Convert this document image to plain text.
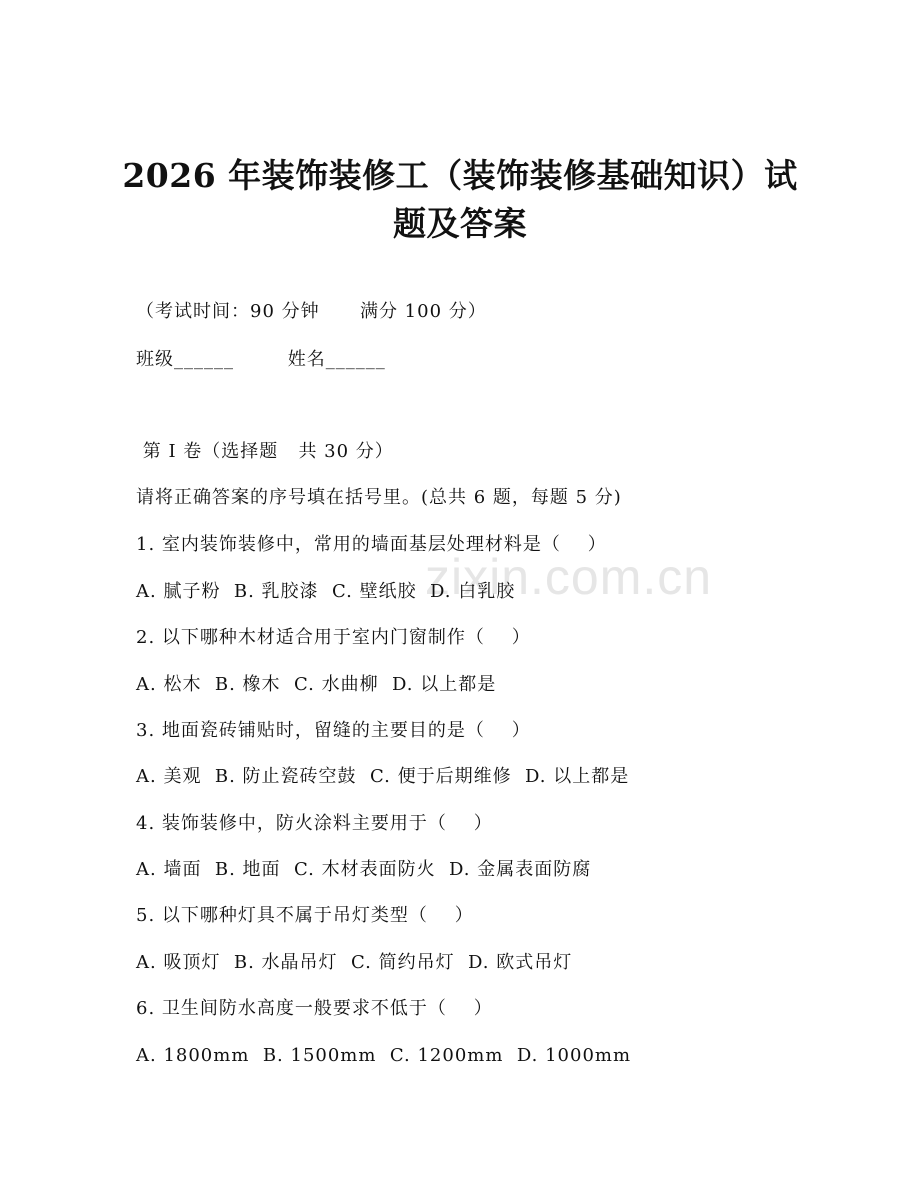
zixin.com.cn
2026 年装饰装修工（装饰装修基础知识）试
题及答案
（考试时间：90 分钟      满分 100 分）
班级______        姓名______
第 I 卷（选择题   共 30 分）
请将正确答案的序号填在括号里。(总共 6 题，每题 5 分)
1. 室内装饰装修中，常用的墙面基层处理材料是（    ）
A. 腻子粉  B. 乳胶漆  C. 壁纸胶  D. 白乳胶
2. 以下哪种木材适合用于室内门窗制作（    ）
A. 松木  B. 橡木  C. 水曲柳  D. 以上都是
3. 地面瓷砖铺贴时，留缝的主要目的是（    ）
A. 美观  B. 防止瓷砖空鼓  C. 便于后期维修  D. 以上都是
4. 装饰装修中，防火涂料主要用于（    ）
A. 墙面  B. 地面  C. 木材表面防火  D. 金属表面防腐
5. 以下哪种灯具不属于吊灯类型（    ）
A. 吸顶灯  B. 水晶吊灯  C. 简约吊灯  D. 欧式吊灯
6. 卫生间防水高度一般要求不低于（    ）
A. 1800mm  B. 1500mm  C. 1200mm  D. 1000mm
